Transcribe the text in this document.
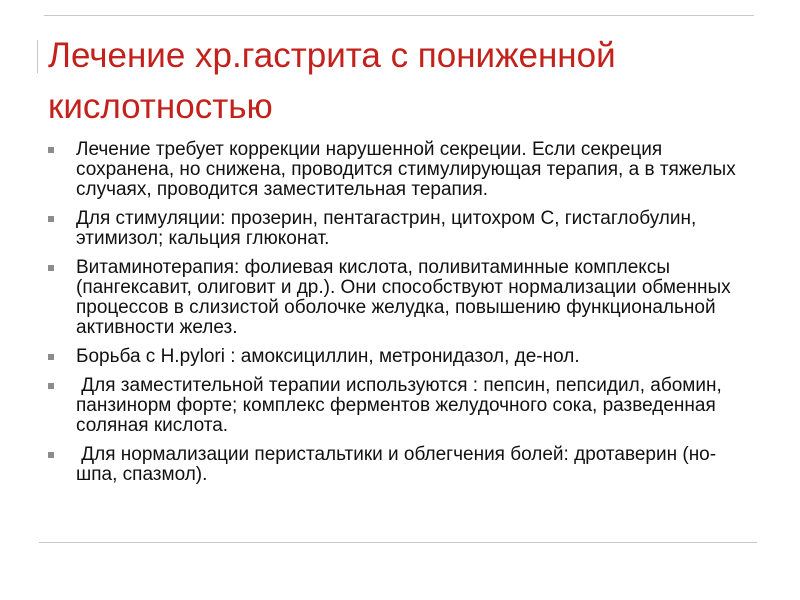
Лечение хр.гастрита с пониженной кислотностью
Лечение требует коррекции нарушенной секреции. Если секреция сохранена, но снижена, проводится стимулирующая терапия, а в тяжелых случаях, проводится заместительная терапия.
Для стимуляции: прозерин, пентагастрин, цитохром С, гистаглобулин, этимизол; кальция глюконат.
Витаминотерапия: фолиевая кислота, поливитаминные комплексы (пангексавит, олиговит и др.). Они способствуют нормализации обменных процессов в слизистой оболочке желудка, повышению функциональной активности желез.
Борьба с H.pylori : амоксициллин, метронидазол, де-нол.
Для заместительной терапии используются : пепсин, пепсидил, абомин, панзинорм форте; комплекс ферментов желудочного сока, разведенная соляная кислота.
Для нормализации перистальтики и облегчения болей: дротаверин (но-шпа, спазмол).
